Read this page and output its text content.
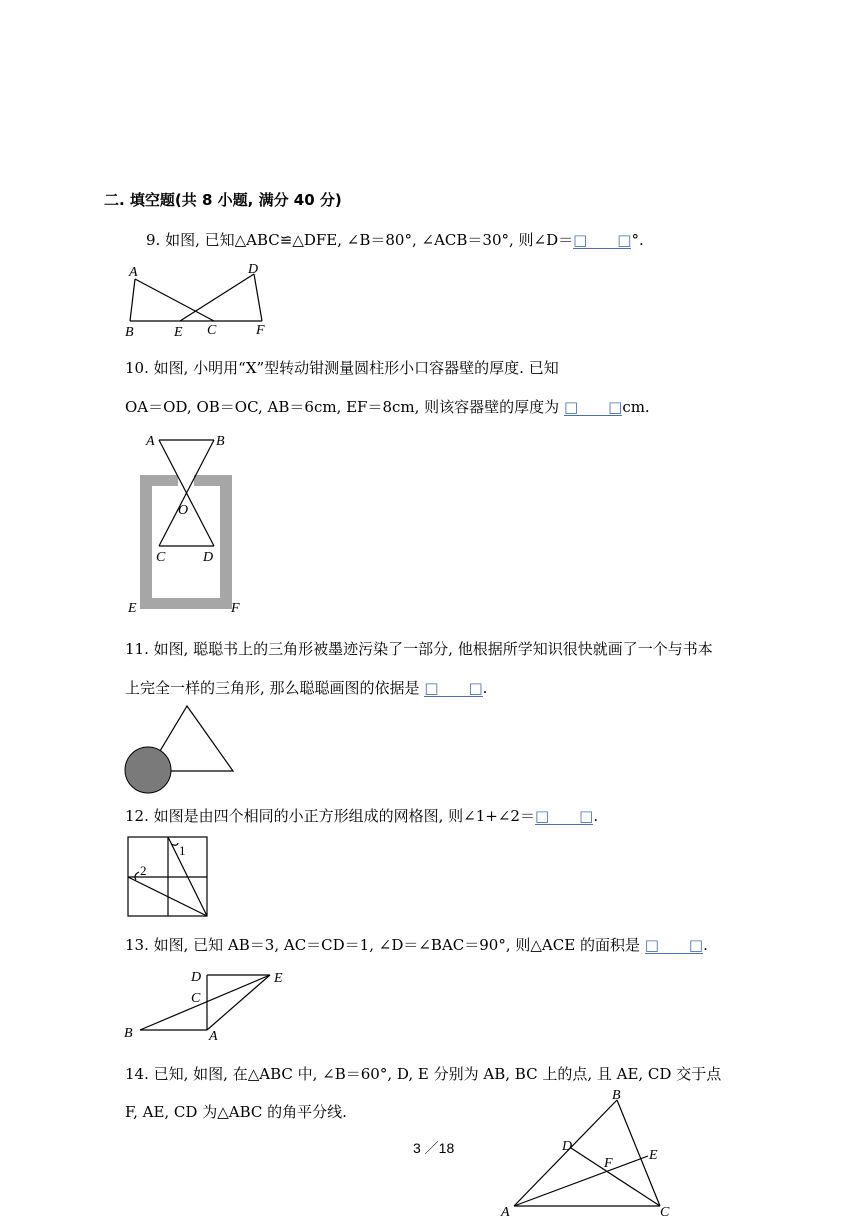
二. 填空题(共 8 小题, 满分 40 分)
9. 如图, 已知△ABC≌△DFE, ∠B＝80°, ∠ACB＝30°, 则∠D＝□　　□°.
A	D
B	E C	F
10. 如图, 小明用“X”型转动钳测量圆柱形小口容器壁的厚度. 已知
OA＝OD, OB＝OC, AB＝6cm, EF＝8cm, 则该容器壁的厚度为 □　　□cm.
A	B
O
C	D
E	F
11. 如图, 聪聪书上的三角形被墨迹污染了一部分, 他根据所学知识很快就画了一个与书本
上完全一样的三角形, 那么聪聪画图的依据是 □　　□.
12. 如图是由四个相同的小正方形组成的网格图, 则∠1+∠2＝□　　□.
1
2
13. 如图, 已知 AB＝3, AC＝CD＝1, ∠D＝∠BAC＝90°, 则△ACE 的面积是 □　　□.
D	E
C
B	A
14. 已知, 如图, 在△ABC 中, ∠B＝60°, D, E 分别为 AB, BC 上的点, 且 AE, CD 交于点
F, AE, CD 为△ABC 的角平分线.
B
D
F
E
A	C
3 ／18
